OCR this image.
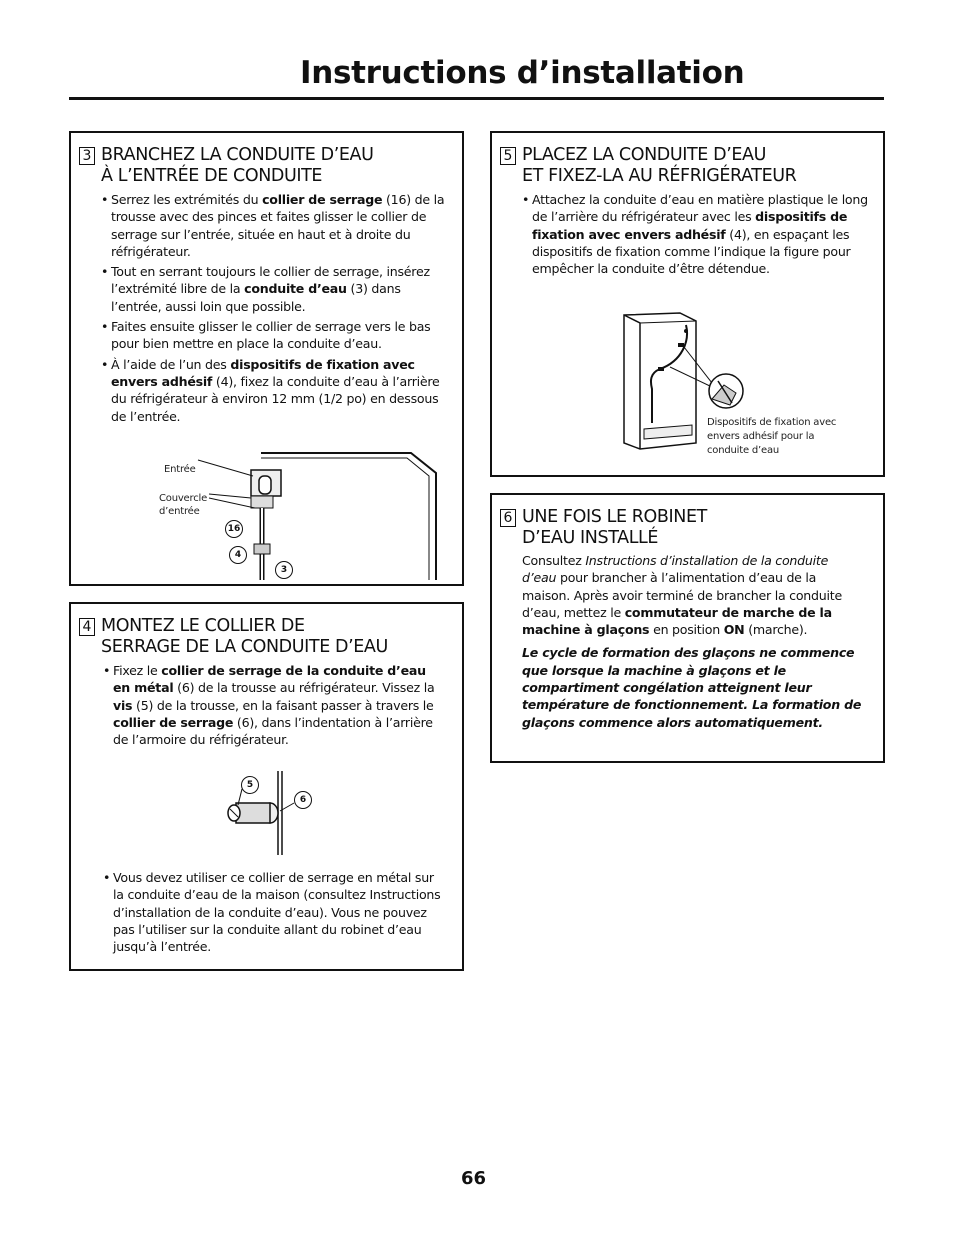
Instructions d’installation
3 BRANCHEZ LA CONDUITE D’EAU
À L’ENTRÉE DE CONDUITE
• Serrez les extrémités du collier de serrage (16) de la trousse avec des pinces et faites glisser le collier de serrage sur l’entrée, située en haut et à droite du réfrigérateur.
• Tout en serrant toujours le collier de serrage, insérez l’extrémité libre de la conduite d’eau (3) dans l’entrée, aussi loin que possible.
• Faites ensuite glisser le collier de serrage vers le bas pour bien mettre en place la conduite d’eau.
• À l’aide de l’un des dispositifs de fixation avec envers adhésif (4), fixez la conduite d’eau à l’arrière du réfrigérateur à environ 12 mm (1/2 po) en dessous de l’entrée.
Entrée
Couvercle
d’entrée
16
4
3
4 MONTEZ LE COLLIER DE
SERRAGE DE LA CONDUITE D’EAU
• Fixez le collier de serrage de la conduite d’eau en métal (6) de la trousse au réfrigérateur. Vissez la vis (5) de la trousse, en la faisant passer à travers le collier de serrage (6), dans l’indentation à l’arrière de l’armoire du réfrigérateur.
5
6
• Vous devez utiliser ce collier de serrage en métal sur la conduite d’eau de la maison (consultez Instructions d’installation de la conduite d’eau). Vous ne pouvez pas l’utiliser sur la conduite allant du robinet d’eau jusqu’à l’entrée.
5 PLACEZ LA CONDUITE D’EAU
ET FIXEZ-LA AU RÉFRIGÉRATEUR
• Attachez la conduite d’eau en matière plastique le long de l’arrière du réfrigérateur avec les dispositifs de fixation avec envers adhésif (4), en espaçant les dispositifs de fixation comme l’indique la figure pour empêcher la conduite d’être détendue.
Dispositifs de fixation avec
envers adhésif pour la
conduite d’eau
6 UNE FOIS LE ROBINET
D’EAU INSTALLÉ

Consultez Instructions d’installation de la conduite d’eau pour brancher à l’alimentation d’eau de la maison. Après avoir terminé de brancher la conduite d’eau, mettez le commutateur de marche de la machine à glaçons en position ON (marche).

Le cycle de formation des glaçons ne commence que lorsque la machine à glaçons et le compartiment congélation atteignent leur température de fonctionnement. La formation de glaçons commence alors automatiquement.

66
